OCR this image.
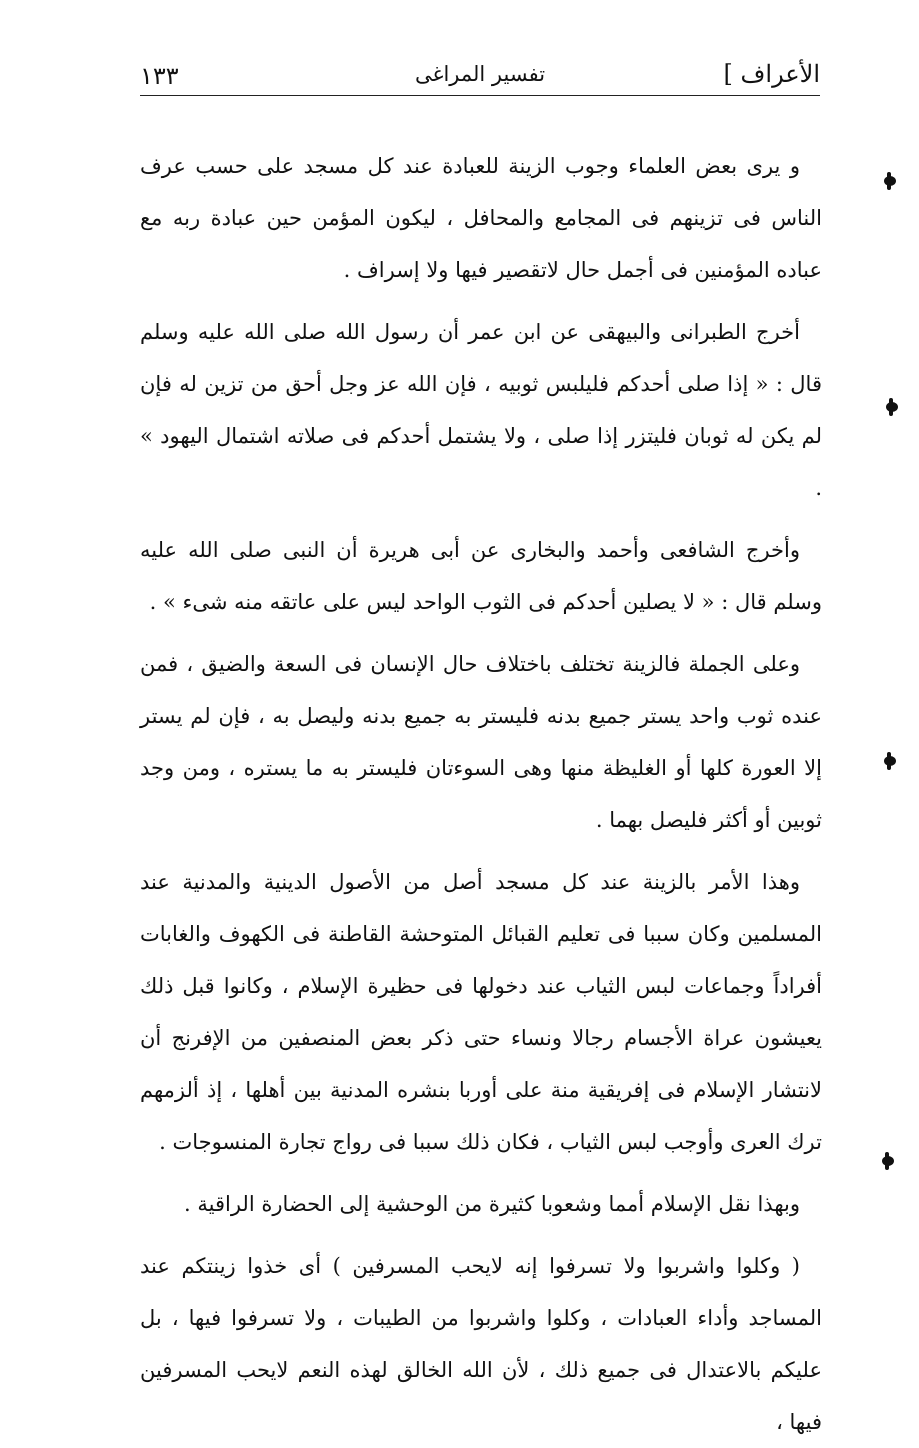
١٣٣	تفسير المراغى	الأعراف ]

و يرى بعض العلماء وجوب الزينة للعبادة عند كل مسجد على حسب عرف الناس فى تزينهم فى المجامع والمحافل ، ليكون المؤمن حين عبادة ربه مع عباده المؤمنين فى أجمل حال لاتقصير فيها ولا إسراف .

أخرج الطبرانى والبيهقى عن ابن عمر أن رسول الله صلى الله عليه وسلم قال : « إذا صلى أحدكم فليلبس ثوبيه ، فإن الله عز وجل أحق من تزين له فإن لم يكن له ثوبان فليتزر إذا صلى ، ولا يشتمل أحدكم فى صلاته اشتمال اليهود » .

وأخرج الشافعى وأحمد والبخارى عن أبى هريرة أن النبى صلى الله عليه وسلم قال : « لا يصلين أحدكم فى الثوب الواحد ليس على عاتقه منه شىء » .

وعلى الجملة فالزينة تختلف باختلاف حال الإنسان فى السعة والضيق ، فمن عنده ثوب واحد يستر جميع بدنه فليستر به جميع بدنه وليصل به ، فإن لم يستر إلا العورة كلها أو الغليظة منها وهى السوءتان فليستر به ما يستره ، ومن وجد ثوبين أو أكثر فليصل بهما .

وهذا الأمر بالزينة عند كل مسجد أصل من الأصول الدينية والمدنية عند المسلمين وكان سببا فى تعليم القبائل المتوحشة القاطنة فى الكهوف والغابات أفراداً وجماعات لبس الثياب عند دخولها فى حظيرة الإسلام ، وكانوا قبل ذلك يعيشون عراة الأجسام رجالا ونساء حتى ذكر بعض المنصفين من الإفرنج أن لانتشار الإسلام فى إفريقية منة على أوربا بنشره المدنية بين أهلها ، إذ ألزمهم ترك العرى وأوجب لبس الثياب ، فكان ذلك سببا فى رواج تجارة المنسوجات .

وبهذا نقل الإسلام أمما وشعوبا كثيرة من الوحشية إلى الحضارة الراقية .

( وكلوا واشربوا ولا تسرفوا إنه لايحب المسرفين ) أى خذوا زينتكم عند المساجد وأداء العبادات ، وكلوا واشربوا من الطيبات ، ولا تسرفوا فيها ، بل عليكم بالاعتدال فى جميع ذلك ، لأن الله الخالق لهذه النعم لايحب المسرفين فيها ،
